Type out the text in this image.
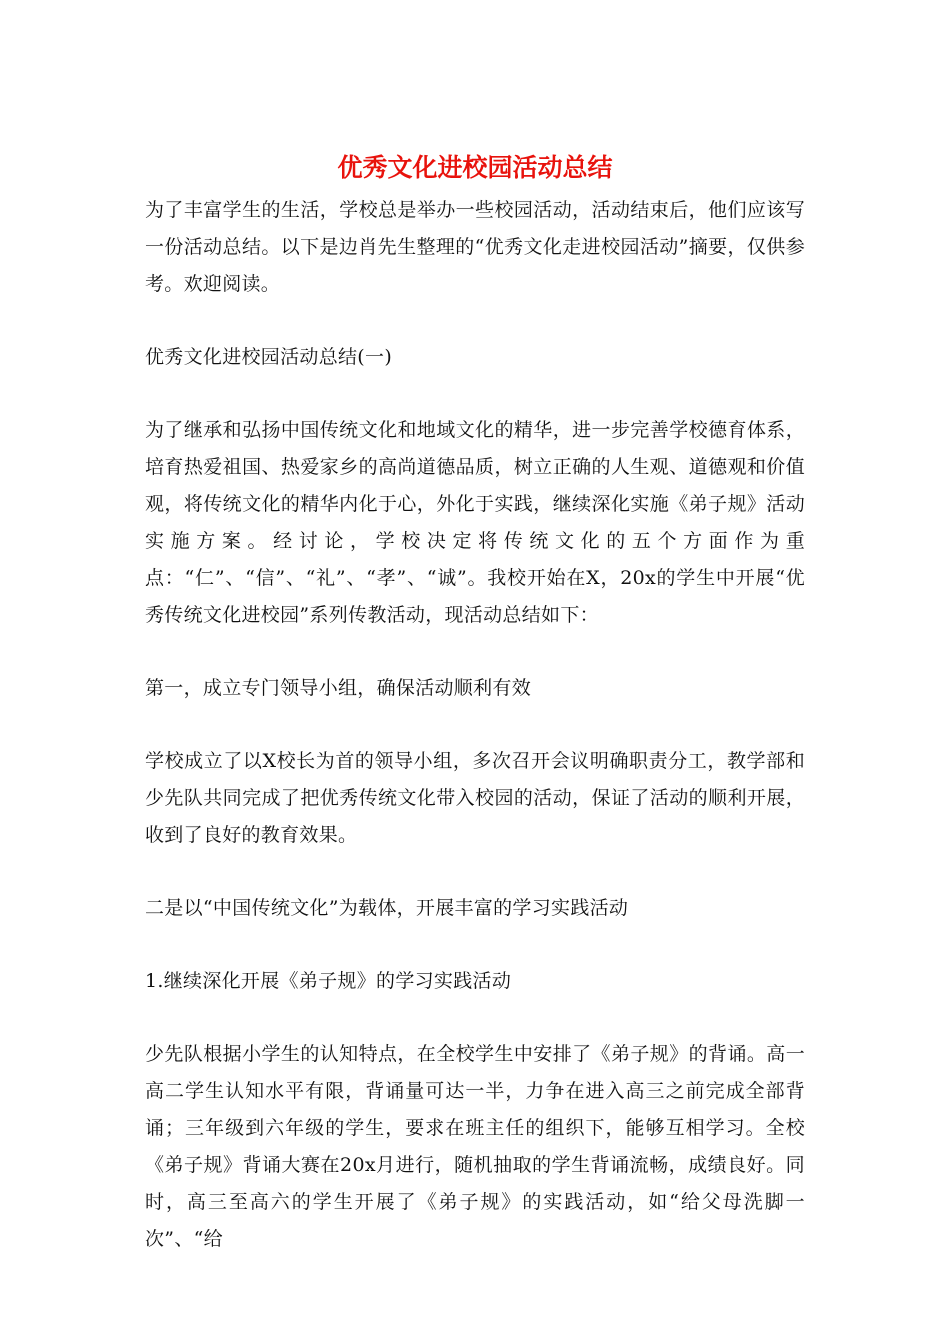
优秀文化进校园活动总结

为了丰富学生的生活，学校总是举办一些校园活动，活动结束后，他们应该写一份活动总结。以下是边肖先生整理的“优秀文化走进校园活动”摘要，仅供参考。欢迎阅读。

优秀文化进校园活动总结(一)

为了继承和弘扬中国传统文化和地域文化的精华，进一步完善学校德育体系，培育热爱祖国、热爱家乡的高尚道德品质，树立正确的人生观、道德观和价值观，将传统文化的精华内化于心，外化于实践，继续深化实施《弟子规》活动实施方案。经讨论，学校决定将传统文化的五个方面作为重点：“仁”、“信”、“礼”、“孝”、“诚”。我校开始在X，20x的学生中开展“优秀传统文化进校园”系列传教活动，现活动总结如下：

第一，成立专门领导小组，确保活动顺利有效

学校成立了以X校长为首的领导小组，多次召开会议明确职责分工，教学部和少先队共同完成了把优秀传统文化带入校园的活动，保证了活动的顺利开展，收到了良好的教育效果。

二是以“中国传统文化”为载体，开展丰富的学习实践活动

1.继续深化开展《弟子规》的学习实践活动

少先队根据小学生的认知特点，在全校学生中安排了《弟子规》的背诵。高一高二学生认知水平有限，背诵量可达一半，力争在进入高三之前完成全部背诵；三年级到六年级的学生，要求在班主任的组织下，能够互相学习。全校《弟子规》背诵大赛在20x月进行，随机抽取的学生背诵流畅，成绩良好。同时，高三至高六的学生开展了《弟子规》的实践活动，如“给父母洗脚一次”、“给
